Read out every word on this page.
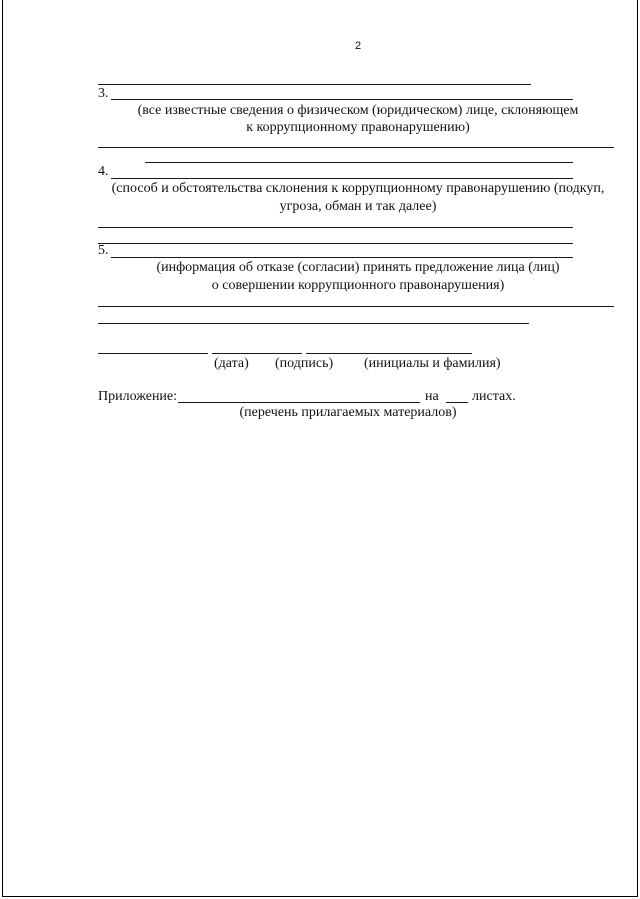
2
3.
(все известные сведения о физическом (юридическом) лице, склоняющем
к коррупционному правонарушению)
4.
(способ и обстоятельства склонения к коррупционному правонарушению (подкуп,
угроза, обман и так далее)
5.
(информация об отказе (согласии) принять предложение лица (лиц)
о совершении коррупционного правонарушения)
(дата) (подпись) (инициалы и фамилия)
Приложение:	на листах.
(перечень прилагаемых материалов)
